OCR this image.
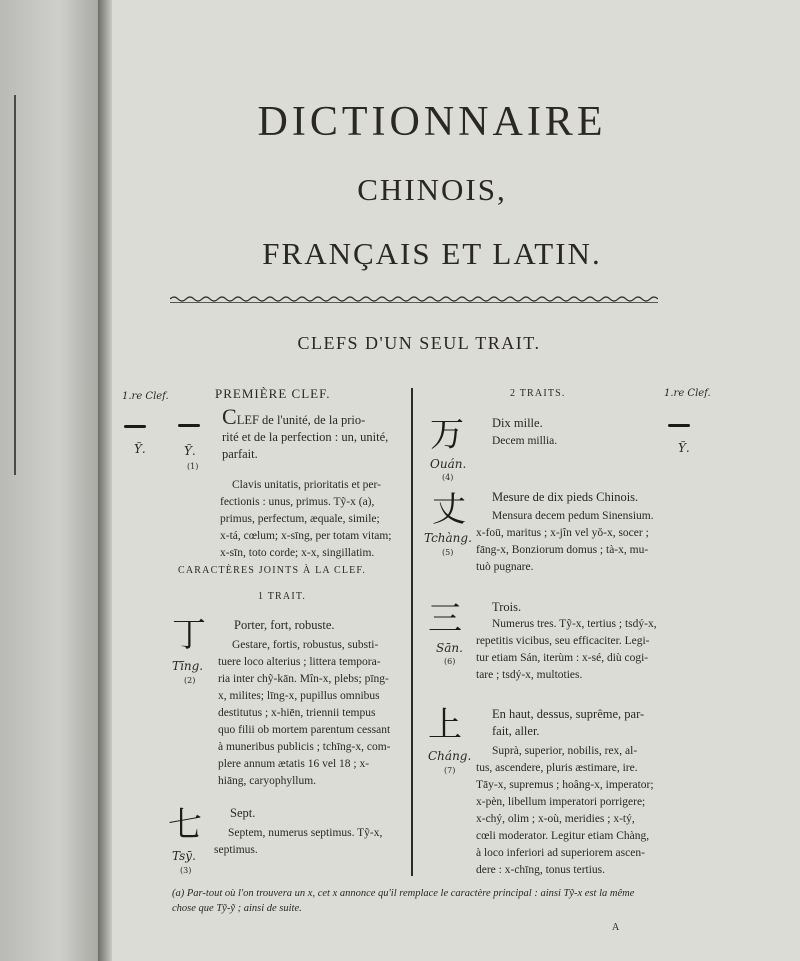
DICTIONNAIRE
CHINOIS,
FRANÇAIS ET LATIN.
CLEFS D'UN SEUL TRAIT.
1.re Clef.
Ỹ.
1.re Clef.
Ỹ.
PREMIÈRE CLEF.
Ỹ.
(1)
CLEF de l'unité, de la prio-
rité et de la perfection : un, unité,
parfait.
Clavis unitatis, prioritatis et per-
fectionis : unus, primus. Tỹ-x (a),
primus, perfectum, æquale, simile;
x-tá, cœlum; x-sīng, per totam vitam;
x-sīn, toto corde; x-x, singillatim.
CARACTÈRES JOINTS À LA CLEF.
1 TRAIT.
丁
Tīng.
(2)
Porter, fort, robuste.
Gestare, fortis, robustus, substi-
tuere loco alterius ; littera tempora-
ria inter chỹ-kān. Mîn-x, plebs; pīng-
x, milites; līng-x, pupillus omnibus
destitutus ; x-hiēn, triennii tempus
quo filii ob mortem parentum cessant
à muneribus publicis ; tchīng-x, com-
plere annum ætatis 16 vel 18 ; x-
hiāng, caryophyllum.
七
Tsȳ.
(3)
Sept.
Septem, numerus septimus. Tỹ-x,
septimus.
2 TRAITS.
万
Ouán.
(4)
Dix mille.
Decem millia.
丈
Tchàng.
(5)
Mesure de dix pieds Chinois.
Mensura decem pedum Sinensium.
x-foū, maritus ; x-jîn vel yŏ-x, socer ;
fāng-x, Bonziorum domus ; tà-x, mu-
tuò pugnare.
三
Sān.
(6)
Trois.
Numerus tres. Tỹ-x, tertius ; tsdý-x,
repetitis vicibus, seu efficaciter. Legi-
tur etiam Sán, iterùm : x-sé, diù cogi-
tare ; tsdý-x, multoties.
上
Cháng.
(7)
En haut, dessus, suprême, par-
fait, aller.
Suprà, superior, nobilis, rex, al-
tus, ascendere, pluris æstimare, ire.
Tāy-x, supremus ; hoâng-x, imperator;
x-pèn, libellum imperatori porrigere;
x-chý, olim ; x-où, meridies ; x-tý,
cœli moderator. Legitur etiam Chàng,
à loco inferiori ad superiorem ascen-
dere : x-chīng, tonus tertius.
(a) Par-tout où l'on trouvera un x, cet x annonce qu'il remplace le caractère principal : ainsi Tỹ-x est la même
chose que Tỹ-ỹ ; ainsi de suite.
A
